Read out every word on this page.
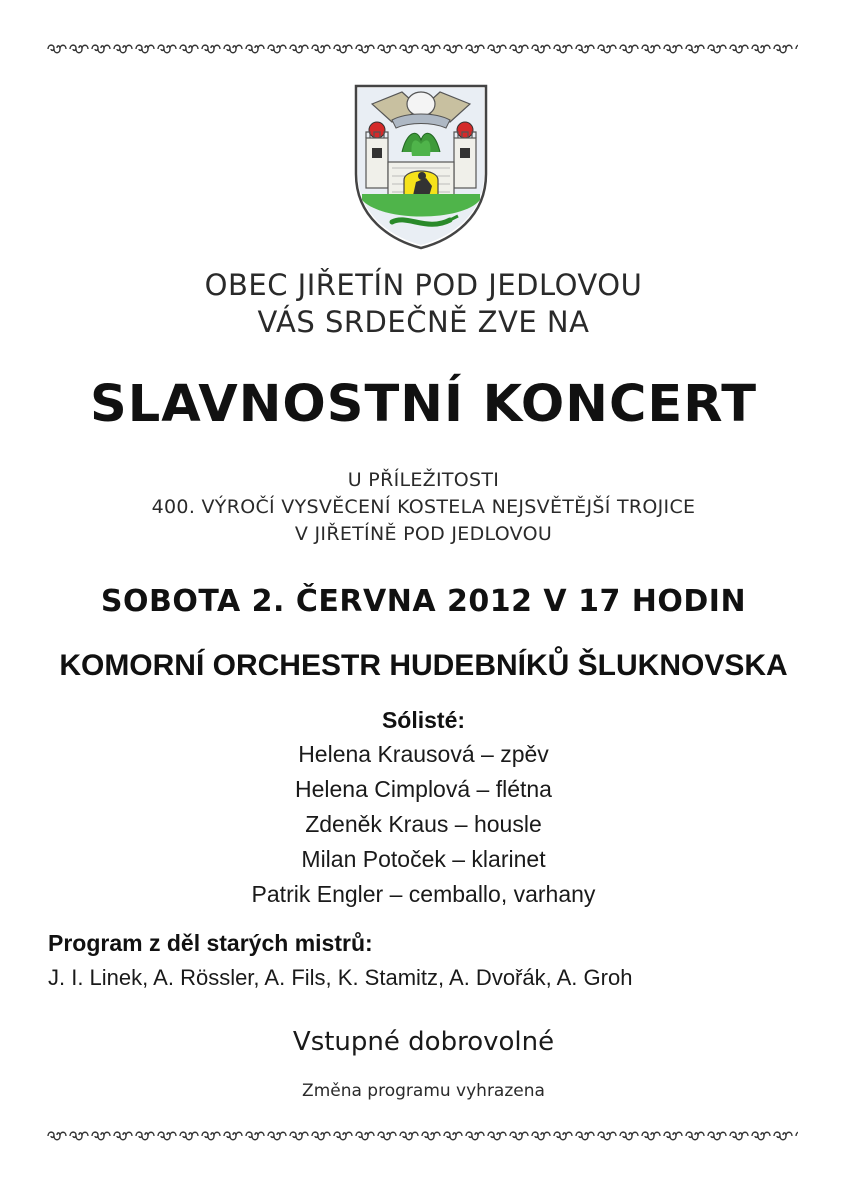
OBEC JIŘETÍN POD JEDLOVOU
VÁS SRDEČNĚ ZVE NA
SLAVNOSTNÍ KONCERT
U PŘÍLEŽITOSTI
400. VÝROČÍ VYSVĚCENÍ KOSTELA NEJSVĚTĚJŠÍ TROJICE
V JIŘETÍNĚ POD JEDLOVOU
SOBOTA 2. ČERVNA 2012 V 17 HODIN
KOMORNÍ ORCHESTR HUDEBNÍKŮ ŠLUKNOVSKA
Sólisté:
Helena Krausová – zpěv
Helena Cimplová – flétna
Zdeněk Kraus – housle
Milan Potoček – klarinet
Patrik Engler – cemballo, varhany
Program z děl starých mistrů:
J. I. Linek, A. Rössler, A. Fils, K. Stamitz, A. Dvořák, A. Groh
Vstupné dobrovolné
Změna programu vyhrazena
